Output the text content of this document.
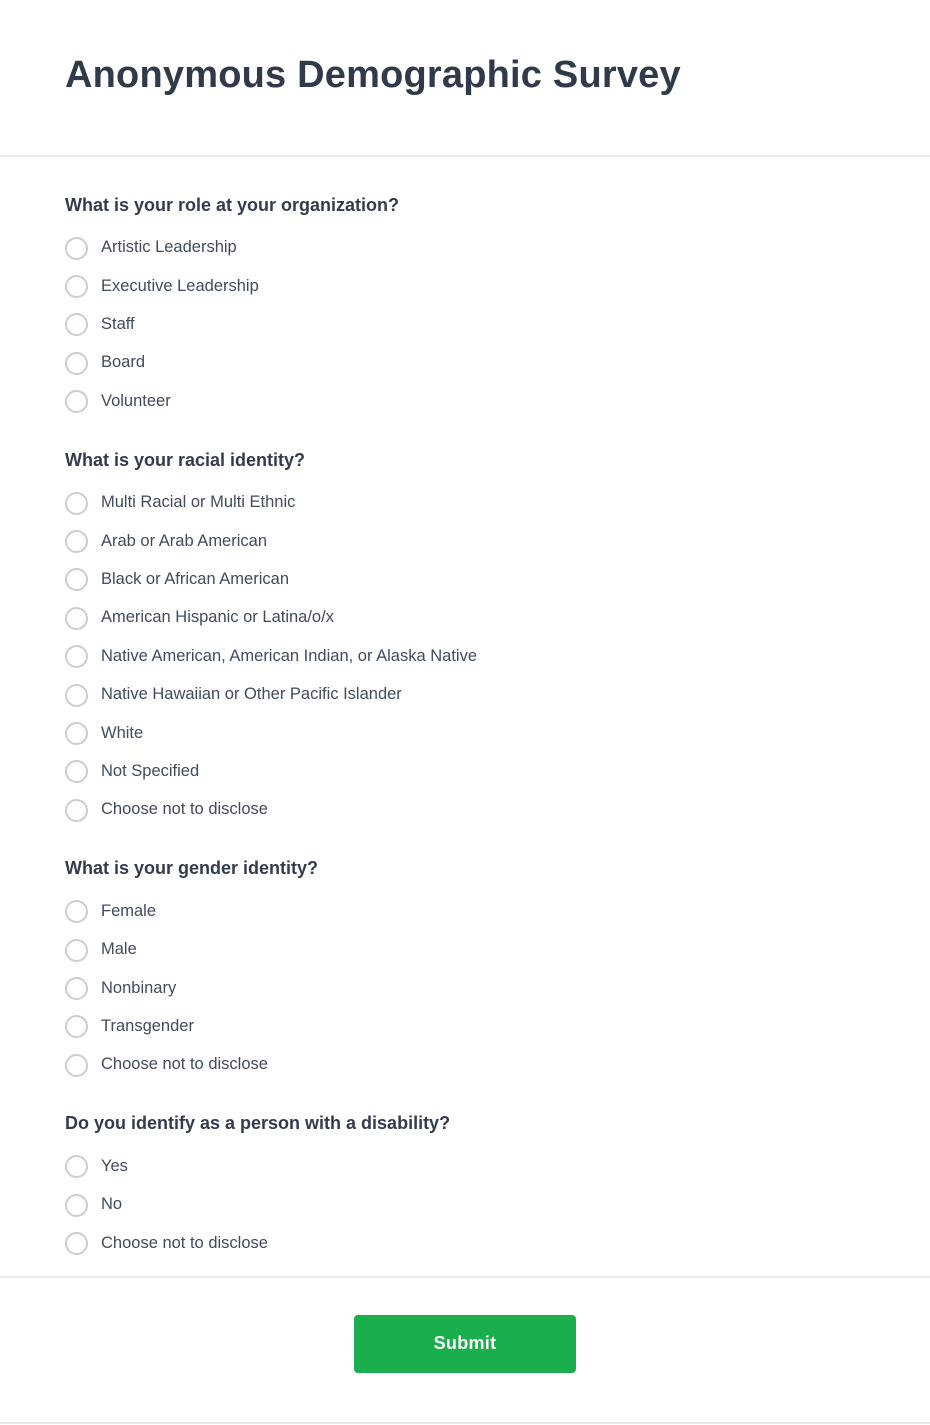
Anonymous Demographic Survey
What is your role at your organization?
Artistic Leadership
Executive Leadership
Staff
Board
Volunteer
What is your racial identity?
Multi Racial or Multi Ethnic
Arab or Arab American
Black or African American
American Hispanic or Latina/o/x
Native American, American Indian, or Alaska Native
Native Hawaiian or Other Pacific Islander
White
Not Specified
Choose not to disclose
What is your gender identity?
Female
Male
Nonbinary
Transgender
Choose not to disclose
Do you identify as a person with a disability?
Yes
No
Choose not to disclose
Submit
